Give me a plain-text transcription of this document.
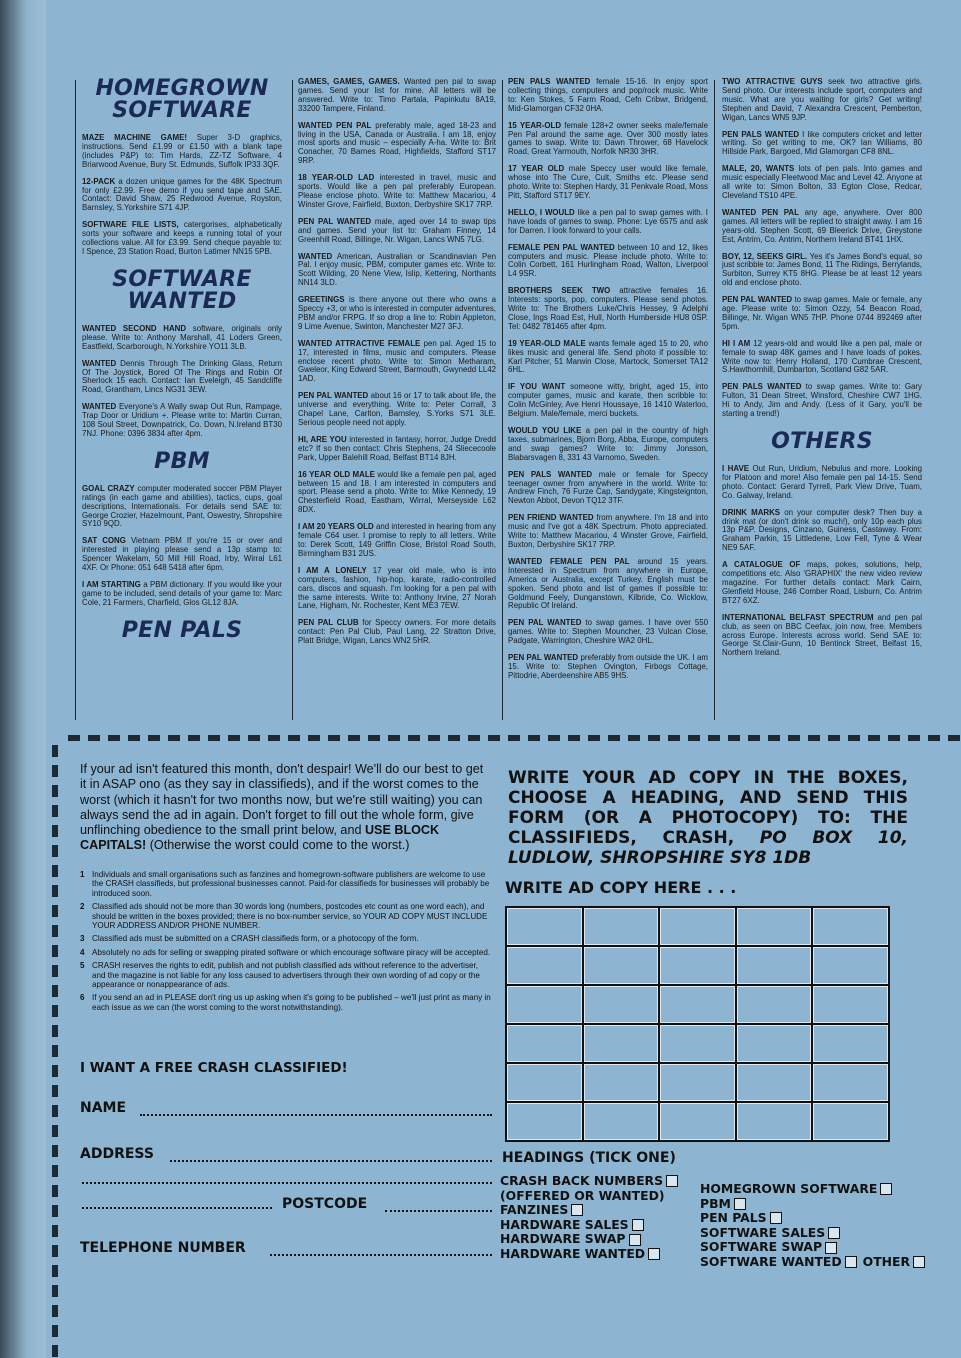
HOMEGROWN SOFTWARE

MAZE MACHINE GAME! Super 3-D graphics, instructions. Send £1.99 or £1.50 with a blank tape (includes P&P) to: Tim Hards, ZZ-TZ Software, 4 Briarwood Avenue, Bury St. Edmunds, Suffolk IP33 3QF.

12-PACK a dozen unique games for the 48K Spectrum for only £2.99. Free demo if you send tape and SAE. Contact: David Shaw, 25 Redwood Avenue, Royston, Barnsley, S.Yorkshire S71 4JP.

SOFTWARE FILE LISTS, catergorises, alphabetically sorts your software and keeps a running total of your collections value. All for £3.99. Send cheque payable to: I Spence, 23 Station Road, Burton Latimer NN15 5PB.

SOFTWARE WANTED

WANTED SECOND HAND software, originals only please. Write to: Anthony Marshall, 41 Loders Green, Eastfield, Scarborough, N.Yorkshire YO11 3LB.

WANTED Dennis Through The Drinking Glass, Return Of The Joystick, Bored Of The Rings and Robin Of Sherlock 15 each. Contact: Ian Eveleigh, 45 Sandcliffe Road, Grantham, Lincs NG31 3EW.

WANTED Everyone's A Wally swap Out Run, Rampage, Trap Door or Uridium +. Please write to: Martin Curran, 108 Soul Street, Downpatrick, Co. Down, N.Ireland BT30 7NJ. Phone: 0396 3834 after 4pm.

PBM

GOAL CRAZY computer moderated soccer PBM Player ratings (in each game and abilities), tactics, cups, goal descriptions, Internationals. For details send SAE to: George Crozier, Hazelmount, Pant, Oswestry, Shropshire SY10 9QD.

SAT CONG Vietnam PBM If you're 15 or over and interested in playing please send a 13p stamp to: Spencer Wakelam, 50 Mill Hill Road, Irby, Wirral L61 4XF. Or Phone: 051 648 5418 after 6pm.

I AM STARTING a PBM dictionary. If you would like your game to be included, send details of your game to: Marc Cole, 21 Farmers, Charfield, Glos GL12 8JA.

PEN PALS

GAMES, GAMES, GAMES. Wanted pen pal to swap games. Send your list for mine. All letters will be answered. Write to: Timo Partala, Papinkutu 8A19, 33200 Tampere, Finland.

WANTED PEN PAL preferably male, aged 18-23 and living in the USA, Canada or Australia. I am 18, enjoy most sports and music – especially A-ha. Write to: Brit Conacher, 70 Barnes Road, Highfields, Stafford ST17 9RP.

18 YEAR-OLD LAD interested in travel, music and sports. Would like a pen pal preferably European. Please enclose photo. Write to: Matthew Macariou, 4 Winster Grove, Fairfield, Buxton, Derbyshire SK17 7RP.

PEN PAL WANTED male, aged over 14 to swap tips and games. Send your list to: Graham Finney, 14 Greenhill Road, Billinge, Nr. Wigan, Lancs WN5 7LG.

WANTED American, Australian or Scandinavian Pen Pal. I enjoy music, PBM, computer games etc. Write to: Scott Wilding, 20 Nene View, Islip, Kettering, Northants NN14 3LD.

GREETINGS is there anyone out there who owns a Speccy +3, or who is interested in computer adventures, PBM and/or FRPG. If so drop a line to: Robin Appleton, 9 Lime Avenue, Swinton, Manchester M27 3FJ.

WANTED ATTRACTIVE FEMALE pen pal. Aged 15 to 17, interested in films, music and computers. Please enclose recent photo. Write to: Simon Metharam, Gweleor, King Edward Street, Barmouth, Gwynedd LL42 1AD.

PEN PAL WANTED about 16 or 17 to talk about life, the universe and everything. Write to: Peter Corrall, 3 Chapel Lane, Carlton, Barnsley, S.Yorks S71 3LE. Serious people need not apply.

HI, ARE YOU interested in fantasy, horror, Judge Dredd etc? If so then contact: Chris Stephens, 24 Sliececoole Park, Upper Balehill Road, Belfast BT14 8JH.

16 YEAR OLD MALE would like a female pen pal, aged between 15 and 18. I am interested in computers and sport. Please send a photo. Write to: Mike Kennedy, 19 Chesterfield Road, Eastham, Wirral, Merseyside L62 8DX.

I AM 20 YEARS OLD and interested in hearing from any female C64 user. I promise to reply to all letters. Write to: Derek Scott, 149 Griffin Close, Bristol Road South, Birmingham B31 2US.

I AM A LONELY 17 year old male, who is into computers, fashion, hip-hop, karate, radio-controlled cars, discos and squash. I'm looking for a pen pal with the same interests. Write to: Anthony Irvine, 27 Norah Lane, Higham, Nr. Rochester, Kent ME3 7EW.

PEN PAL CLUB for Speccy owners. For more details contact: Pen Pal Club, Paul Lang, 22 Stratton Drive, Platt Bridge, Wigan, Lancs WN2 5HR.

PEN PALS WANTED female 15-16. In enjoy sport collecting things, computers and pop/rock music. Write to: Ken Stokes, 5 Farm Road, Cefn Cribwr, Bridgend, Mid-Glamorgan CF32 0HA.

15 YEAR-OLD female 128+2 owner seeks male/female Pen Pal around the same age. Over 300 mostly lates games to swap. Write to: Dawn Thrower, 68 Havelock Road, Great Yarmouth, Norfolk NR30 3HR.

17 YEAR OLD male Speccy user would like female, whose into The Cure, Cult, Smiths etc. Please send photo. Write to: Stephen Hardy, 31 Penkvale Road, Moss Pitt, Stafford ST17 9EY.

HELLO, I WOULD like a pen pal to swap games with. I have loads of games to swap. Phone: Lye 6575 and ask for Darren. I look forward to your calls.

FEMALE PEN PAL WANTED between 10 and 12, likes computers and music. Please include photo. Write to: Colin Corbett, 161 Hurlingham Road, Walton, Liverpool L4 9SR.

BROTHERS SEEK TWO attractive females 16. Interests: sports, pop, computers. Please send photos. Write to: The Brothers Luke/Chris Hessey, 9 Adelphi Close, Ings Road Est, Hull, North Humberside HU8 0SP. Tel: 0482 781465 after 4pm.

19 YEAR-OLD MALE wants female aged 15 to 20, who likes music and general life. Send photo if possible to: Karl Pitcher, 51 Marwin Close, Martock, Somerset TA12 6HL.

IF YOU WANT someone witty, bright, aged 15, into computer games, music and karate, then scribble to: Colin McGinley, Ave Henri Houssaye, 16 1410 Waterloo, Belgium. Male/female, merci buckets.

WOULD YOU LIKE a pen pal in the country of high taxes, submarines, Bjorn Borg, Abba, Europe, computers and swap games? Write to: Jimmy Jonsson, Blabarsvagen 8, 331 43 Varnomo, Sweden.

PEN PALS WANTED male or female for Speccy teenager owner from anywhere in the world. Write to: Andrew Finch, 76 Furze Cap, Sandygate, Kingsteignton, Newton Abbot, Devon TQ12 3TF.

PEN FRIEND WANTED from anywhere. I'm 18 and into music and I've got a 48K Spectrum. Photo appreciated. Write to: Matthew Macariou, 4 Winster Grove, Fairfield, Buxton, Derbyshire SK17 7RP.

WANTED FEMALE PEN PAL around 15 years. Interested in Spectrum from anywhere in Europe, America or Australia, except Turkey. English must be spoken. Send photo and list of games if possible to: Goldmund Feely, Dunganstown, Kilbride, Co. Wicklow, Republic Of Ireland.

PEN PAL WANTED to swap games. I have over 550 games. Write to: Stephen Mouncher, 23 Vulcan Close, Padgate, Warrington, Cheshire WA2 0HL.

PEN PAL WANTED preferably from outside the UK. I am 15. Write to: Stephen Ovington, Firbogs Cottage, Pittodrie, Aberdeenshire AB5 9HS.

TWO ATTRACTIVE GUYS seek two attractive girls. Send photo. Our interests include sport, computers and music. What are you waiting for girls? Get writing! Stephen and David, 7 Alexandra Crescent, Pemberton, Wigan, Lancs WN5 9JP.

PEN PALS WANTED I like computers cricket and letter writing. So get writing to me, OK? Ian Williams, 80 Hillside Park, Bargoed, Mid Glamorgan CF8 8NL.

MALE, 20, WANTS lots of pen pals. Into games and music especially Fleetwood Mac and Level 42. Anyone at all write to: Simon Bolton, 33 Egton Close, Redcar, Cleveland TS10 4PE.

WANTED PEN PAL any age, anywhere. Over 800 games. All letters will be replied to straight away. I am 16 years-old. Stephen Scott, 69 Bleerick Drive, Greystone Est, Antrim, Co. Antrim, Northern Ireland BT41 1HX.

BOY, 12, SEEKS GIRL. Yes it's James Bond's equal, so just scribble to: James Bond, 11 The Ridings, Berrylands, Surbiton, Surrey KT5 8HG. Please be at least 12 years old and enclose photo.

PEN PAL WANTED to swap games. Male or female, any age. Please write to: Simon Ozzy, 54 Beacon Road, Billinge, Nr. Wigan WN5 7HP. Phone 0744 892469 after 5pm.

HI I AM 12 years-old and would like a pen pal, male or female to swap 48K games and I have loads of pokes. Write now to: Henry Holland, 170 Cumbrae Crescent, S.Hawthornhill, Dumbarton, Scotland G82 5AR.

PEN PALS WANTED to swap games. Write to: Gary Fulton, 31 Dean Street, Winsford, Cheshire CW7 1HG. Hi to Andy, Jim and Andy. (Less of it Gary, you'll be starting a trend!)

OTHERS

I HAVE Out Run, Uridium, Nebulus and more. Looking for Platoon and more! Also female pen pal 14-15. Send photo. Contact: Gerard Tyrrell, Park View Drive, Tuam, Co. Galway, Ireland.

DRINK MARKS on your computer desk? Then buy a drink mat (or don't drink so much!), only 10p each plus 13p P&P. Designs, Cinzano, Guiness, Castaway. From: Graham Parkin, 15 Littledene, Low Fell, Tyne & Wear NE9 5AF.

A CATALOGUE OF maps, pokes, solutions, help, competitions etc. Also 'GRAPHIX' the new video review magazine. For further details contact: Mark Cairn, Glenfield House, 246 Comber Road, Lisburn, Co. Antrim BT27 6XZ.

INTERNATIONAL BELFAST SPECTRUM and pen pal club, as seen on BBC Ceefax, join now, free. Members across Europe. Interests across world. Send SAE to: George St.Clair-Gunn, 10 Bentinck Street, Belfast 15, Northern Ireland.

If your ad isn't featured this month, don't despair! We'll do our best to get it in ASAP ono (as they say in classifieds), and if the worst comes to the worst (which it hasn't for two months now, but we're still waiting) you can always send the ad in again. Don't forget to fill out the whole form, give unflinching obedience to the small print below, and USE BLOCK CAPITALS! (Otherwise the worst could come to the worst.)
1 Individuals and small organisations such as fanzines and homegrown-software publishers are welcome to use the CRASH classifieds, but professional businesses cannot. Paid-for classifieds for businesses will probably be introduced soon.
2 Classified ads should not be more than 30 words long (numbers, postcodes etc count as one word each), and should be written in the boxes provided; there is no box-number service, so YOUR AD COPY MUST INCLUDE YOUR ADDRESS AND/OR PHONE NUMBER.
3 Classified ads must be submitted on a CRASH classifieds form, or a photocopy of the form.
4 Absolutely no ads for selling or swapping pirated software or which encourage software piracy will be accepted.
5 CRASH reserves the rights to edit, publish and not publish classified ads without reference to the advertiser, and the magazine is not liable for any loss caused to advertisers through their own wording of ad copy or the appearance or nonappearance of ads.
6 If you send an ad in PLEASE don't ring us up asking when it's going to be published – we'll just print as many in each issue as we can (the worst coming to the worst notwithstanding).
I WANT A FREE CRASH CLASSIFIED!
NAME
ADDRESS
POSTCODE
TELEPHONE NUMBER
WRITE YOUR AD COPY IN THE BOXES, CHOOSE A HEADING, AND SEND THIS FORM (OR A PHOTOCOPY) TO: THE CLASSIFIEDS, CRASH, PO BOX 10, LUDLOW, SHROPSHIRE SY8 1DB
WRITE AD COPY HERE . . .
HEADINGS (TICK ONE)
CRASH BACK NUMBERS
(OFFERED OR WANTED)
FANZINES
HARDWARE SALES
HARDWARE SWAP
HARDWARE WANTED
HOMEGROWN SOFTWARE
PBM
PEN PALS
SOFTWARE SALES
SOFTWARE SWAP
SOFTWARE WANTED OTHER
